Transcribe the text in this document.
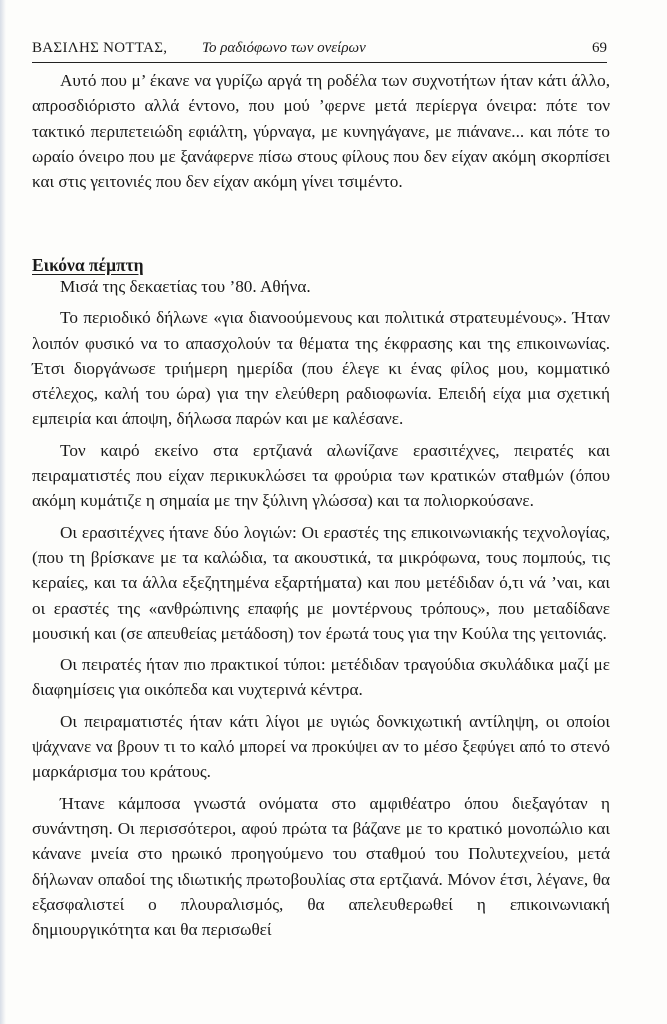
ΒΑΣΙΛΗΣ ΝΟΤΤΑΣ, Το ραδιόφωνο των ονείρων	69

Αυτό που μ’ έκανε να γυρίζω αργά τη ροδέλα των συχνοτήτων ήταν κάτι άλλο, απροσδιόριστο αλλά έντονο, που μού ’φερνε μετά περίεργα όνειρα: πότε τον τακτικό περιπετειώδη εφιάλτη, γύρναγα, με κυνηγάγανε, με πιάνανε... και πότε το ωραίο όνειρο που με ξανάφερνε πίσω στους φίλους που δεν είχαν ακόμη σκορπίσει και στις γειτονιές που δεν είχαν ακόμη γίνει τσιμέντο.

Εικόνα πέμπτη

Μισά της δεκαετίας του ’80. Αθήνα.

Το περιοδικό δήλωνε «για διανοούμενους και πολιτικά στρατευμένους». Ήταν λοιπόν φυσικό να το απασχολούν τα θέματα της έκφρασης και της επικοινωνίας. Έτσι διοργάνωσε τριήμερη ημερίδα (που έλεγε κι ένας φίλος μου, κομματικό στέλεχος, καλή του ώρα) για την ελεύθερη ραδιοφωνία. Επειδή είχα μια σχετική εμπειρία και άποψη, δήλωσα παρών και με καλέσανε.

Τον καιρό εκείνο στα ερτζιανά αλωνίζανε ερασιτέχνες, πειρατές και πειραματιστές που είχαν περικυκλώσει τα φρούρια των κρατικών σταθμών (όπου ακόμη κυμάτιζε η σημαία με την ξύλινη γλώσσα) και τα πολιορκούσανε.

Οι ερασιτέχνες ήτανε δύο λογιών: Οι εραστές της επικοινωνιακής τεχνολογίας, (που τη βρίσκανε με τα καλώδια, τα ακουστικά, τα μικρόφωνα, τους πομπούς, τις κεραίες, και τα άλλα εξεζητημένα εξαρτήματα) και που μετέδιδαν ό,τι νά ’ναι, και οι εραστές της «ανθρώπινης επαφής με μοντέρνους τρόπους», που μεταδίδανε μουσική και (σε απευθείας μετάδοση) τον έρωτά τους για την Κούλα της γειτονιάς.

Οι πειρατές ήταν πιο πρακτικοί τύποι: μετέδιδαν τραγούδια σκυλάδικα μαζί με διαφημίσεις για οικόπεδα και νυχτερινά κέντρα.

Οι πειραματιστές ήταν κάτι λίγοι με υγιώς δονκιχωτική αντίληψη, οι οποίοι ψάχνανε να βρουν τι το καλό μπορεί να προκύψει αν το μέσο ξεφύγει από το στενό μαρκάρισμα του κράτους.

Ήτανε κάμποσα γνωστά ονόματα στο αμφιθέατρο όπου διεξαγόταν η συνάντηση. Οι περισσότεροι, αφού πρώτα τα βάζανε με το κρατικό μονοπώλιο και κάνανε μνεία στο ηρωικό προηγούμενο του σταθμού του Πολυτεχνείου, μετά δήλωναν οπαδοί της ιδιωτικής πρωτοβουλίας στα ερτζιανά. Μόνον έτσι, λέγανε, θα εξασφαλιστεί ο πλουραλισμός, θα απελευθερωθεί η επικοινωνιακή δημιουργικότητα και θα περισωθεί
